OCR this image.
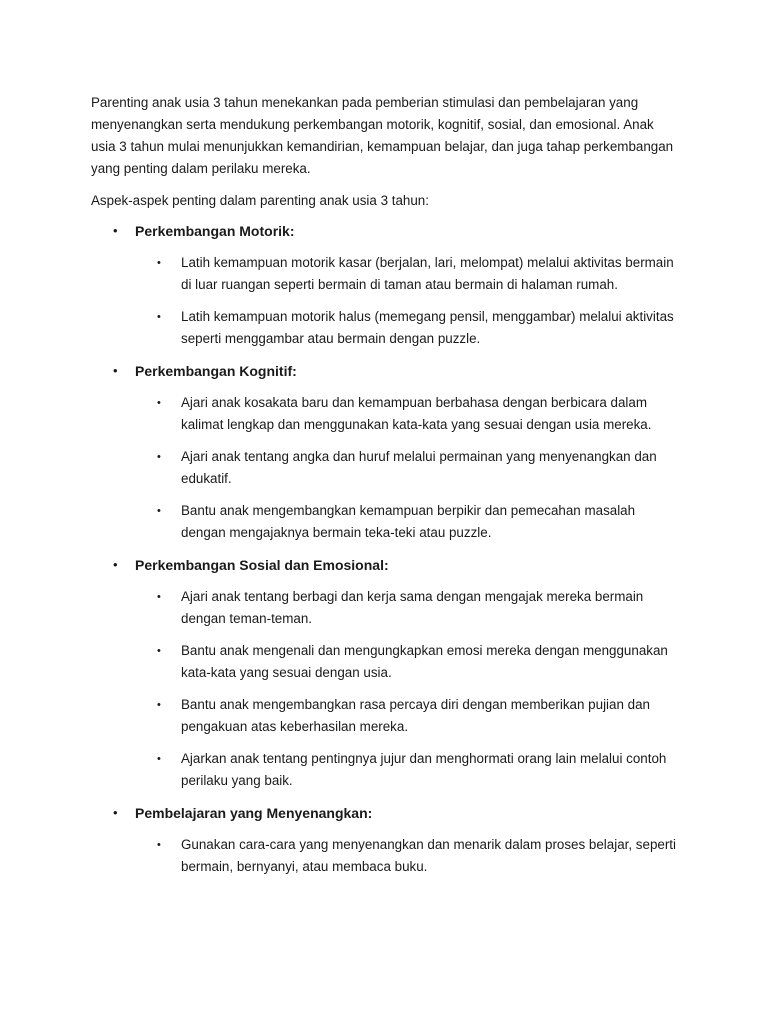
Parenting anak usia 3 tahun menekankan pada pemberian stimulasi dan pembelajaran yang menyenangkan serta mendukung perkembangan motorik, kognitif, sosial, dan emosional. Anak usia 3 tahun mulai menunjukkan kemandirian, kemampuan belajar, dan juga tahap perkembangan yang penting dalam perilaku mereka.

Aspek-aspek penting dalam parenting anak usia 3 tahun:

• Perkembangan Motorik:
• Latih kemampuan motorik kasar (berjalan, lari, melompat) melalui aktivitas bermain di luar ruangan seperti bermain di taman atau bermain di halaman rumah.
• Latih kemampuan motorik halus (memegang pensil, menggambar) melalui aktivitas seperti menggambar atau bermain dengan puzzle.
• Perkembangan Kognitif:
• Ajari anak kosakata baru dan kemampuan berbahasa dengan berbicara dalam kalimat lengkap dan menggunakan kata-kata yang sesuai dengan usia mereka.
• Ajari anak tentang angka dan huruf melalui permainan yang menyenangkan dan edukatif.
• Bantu anak mengembangkan kemampuan berpikir dan pemecahan masalah dengan mengajaknya bermain teka-teki atau puzzle.
• Perkembangan Sosial dan Emosional:
• Ajari anak tentang berbagi dan kerja sama dengan mengajak mereka bermain dengan teman-teman.
• Bantu anak mengenali dan mengungkapkan emosi mereka dengan menggunakan kata-kata yang sesuai dengan usia.
• Bantu anak mengembangkan rasa percaya diri dengan memberikan pujian dan pengakuan atas keberhasilan mereka.
• Ajarkan anak tentang pentingnya jujur dan menghormati orang lain melalui contoh perilaku yang baik.
• Pembelajaran yang Menyenangkan:
• Gunakan cara-cara yang menyenangkan dan menarik dalam proses belajar, seperti bermain, bernyanyi, atau membaca buku.
